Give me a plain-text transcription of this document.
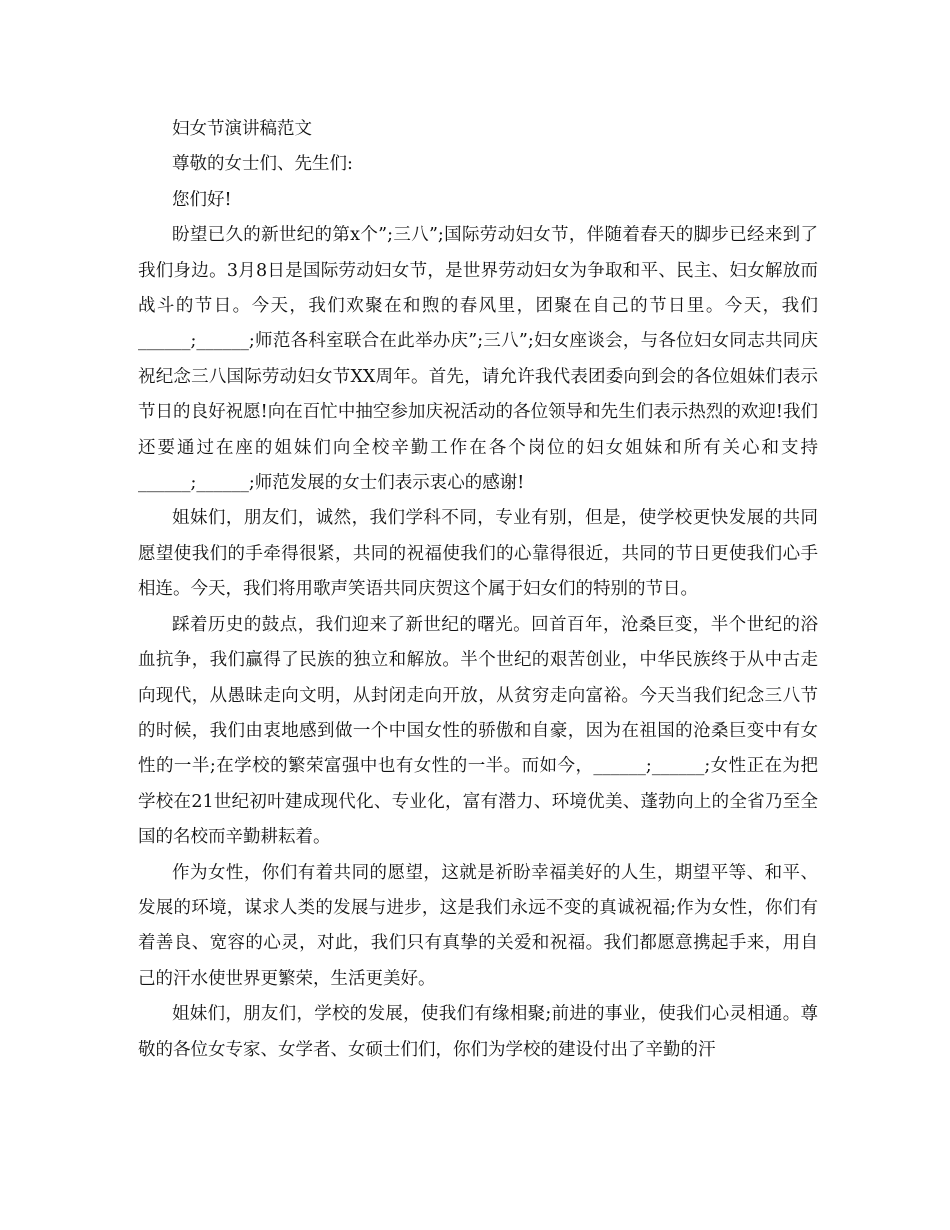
妇女节演讲稿范文

尊敬的女士们、先生们:

您们好!

盼望已久的新世纪的第x个”;三八”;国际劳动妇女节，伴随着春天的脚步已经来到了我们身边。3月8日是国际劳动妇女节，是世界劳动妇女为争取和平、民主、妇女解放而战斗的节日。今天，我们欢聚在和煦的春风里，团聚在自己的节日里。今天，我们______;______;师范各科室联合在此举办庆”;三八”;妇女座谈会，与各位妇女同志共同庆祝纪念三八国际劳动妇女节XX周年。首先，请允许我代表团委向到会的各位姐妹们表示节日的良好祝愿!向在百忙中抽空参加庆祝活动的各位领导和先生们表示热烈的欢迎!我们还要通过在座的姐妹们向全校辛勤工作在各个岗位的妇女姐妹和所有关心和支持______;______;师范发展的女士们表示衷心的感谢!

姐妹们，朋友们，诚然，我们学科不同，专业有别，但是，使学校更快发展的共同愿望使我们的手牵得很紧，共同的祝福使我们的心靠得很近，共同的节日更使我们心手相连。今天，我们将用歌声笑语共同庆贺这个属于妇女们的特别的节日。

踩着历史的鼓点，我们迎来了新世纪的曙光。回首百年，沧桑巨变，半个世纪的浴血抗争，我们赢得了民族的独立和解放。半个世纪的艰苦创业，中华民族终于从中古走向现代，从愚昧走向文明，从封闭走向开放，从贫穷走向富裕。今天当我们纪念三八节的时候，我们由衷地感到做一个中国女性的骄傲和自豪，因为在祖国的沧桑巨变中有女性的一半;在学校的繁荣富强中也有女性的一半。而如今，______;______;女性正在为把学校在21世纪初叶建成现代化、专业化，富有潜力、环境优美、蓬勃向上的全省乃至全国的名校而辛勤耕耘着。

作为女性，你们有着共同的愿望，这就是祈盼幸福美好的人生，期望平等、和平、发展的环境，谋求人类的发展与进步，这是我们永远不变的真诚祝福;作为女性，你们有着善良、宽容的心灵，对此，我们只有真挚的关爱和祝福。我们都愿意携起手来，用自己的汗水使世界更繁荣，生活更美好。

姐妹们，朋友们，学校的发展，使我们有缘相聚;前进的事业，使我们心灵相通。尊敬的各位女专家、女学者、女硕士们们，你们为学校的建设付出了辛勤的汗
